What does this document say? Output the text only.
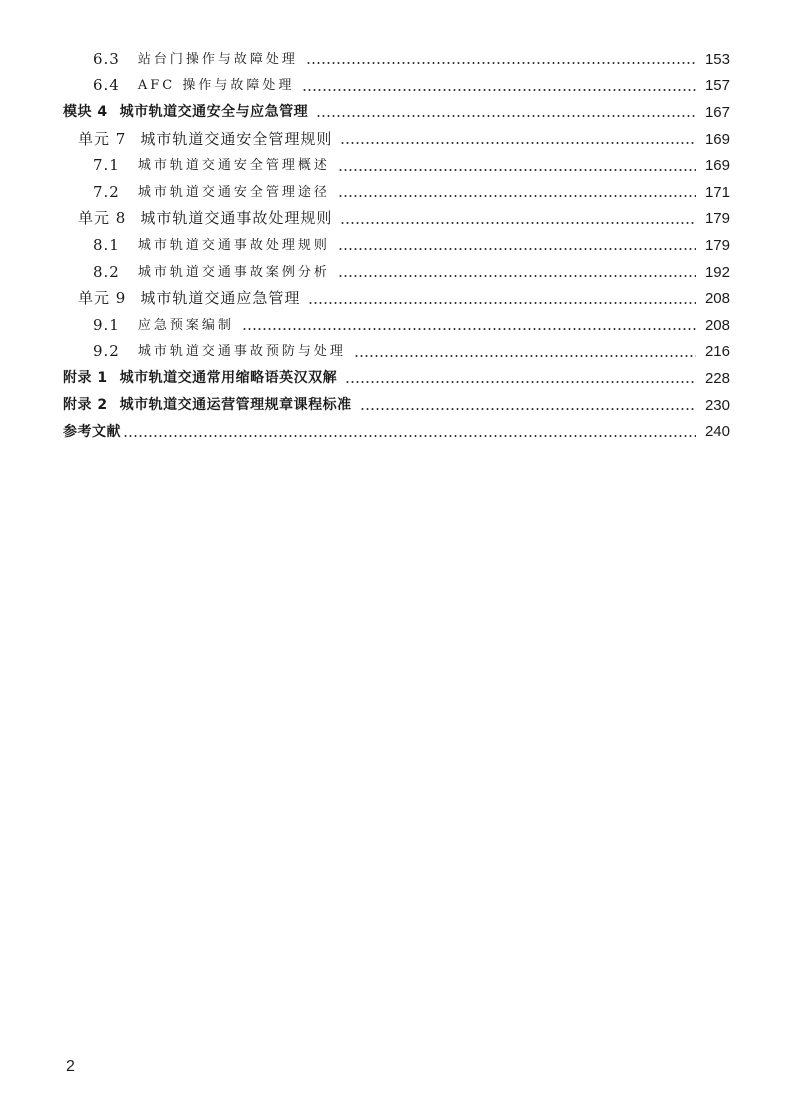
6.3 站台门操作与故障处理	153
6.4 AFC 操作与故障处理	157
模块 4 城市轨道交通安全与应急管理	167
单元 7 城市轨道交通安全管理规则	169
7.1 城市轨道交通安全管理概述	169
7.2 城市轨道交通安全管理途径	171
单元 8 城市轨道交通事故处理规则	179
8.1 城市轨道交通事故处理规则	179
8.2 城市轨道交通事故案例分析	192
单元 9 城市轨道交通应急管理	208
9.1 应急预案编制	208
9.2 城市轨道交通事故预防与处理	216
附录 1 城市轨道交通常用缩略语英汉双解	228
附录 2 城市轨道交通运营管理规章课程标准	230
参考文献	240
2
